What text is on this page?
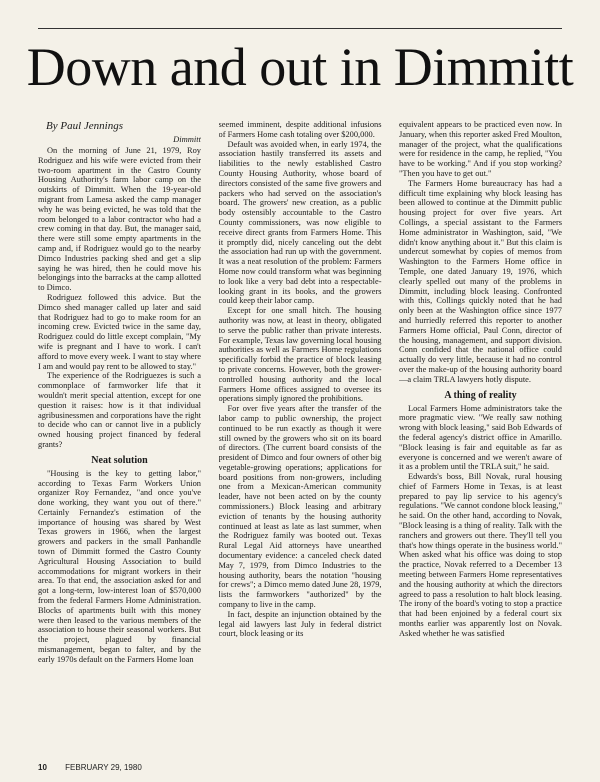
Down and out in Dimmitt
By Paul Jennings
Dimmitt

On the morning of June 21, 1979, Roy Rodriguez and his wife were evicted from their two-room apartment in the Castro County Housing Authority's farm labor camp on the outskirts of Dimmitt. When the 19-year-old migrant from Lamesa asked the camp manager why he was being evicted, he was told that the room belonged to a labor contractor who had a crew coming in that day. But, the manager said, there were still some empty apartments in the camp and, if Rodriguez would go to the nearby Dimco Industries packing shed and get a slip saying he was hired, then he could move his belongings into the barracks at the camp allotted to Dimco.

Rodriguez followed this advice. But the Dimco shed manager called up later and said that Rodriguez had to go to make room for an incoming crew. Evicted twice in the same day, Rodriguez could do little except complain, "My wife is pregnant and I have to work. I can't afford to move every week. I want to stay where I am and would pay rent to be allowed to stay."

The experience of the Rodriguezes is such a commonplace of farmworker life that it wouldn't merit special attention, except for one question it raises: how is it that individual agribusinessmen and corporations have the right to decide who can or cannot live in a publicly owned housing project financed by federal grants?

Neat solution

"Housing is the key to getting labor," according to Texas Farm Workers Union organizer Roy Fernandez, "and once you've done working, they want you out of there." Certainly Fernandez's estimation of the importance of housing was shared by West Texas growers in 1966, when the largest growers and packers in the small Panhandle town of Dimmitt formed the Castro County Agricultural Housing Association to build accommodations for migrant workers in their area. To that end, the association asked for and got a long-term, low-interest loan of $570,000 from the federal Farmers Home Administration. Blocks of apartments built with this money were then leased to the various members of the association to house their seasonal workers. But the project, plagued by financial mismanagement, began to falter, and by the early 1970s default on the Farmers Home loan

seemed imminent, despite additional infusions of Farmers Home cash totaling over $200,000.

Default was avoided when, in early 1974, the association hastily transferred its assets and liabilities to the newly established Castro County Housing Authority, whose board of directors consisted of the same five growers and packers who had served on the association's board. The growers' new creation, as a public body ostensibly accountable to the Castro County commissioners, was now eligible to receive direct grants from Farmers Home. This it promptly did, nicely canceling out the debt the association had run up with the government. It was a neat resolution of the problem: Farmers Home now could transform what was beginning to look like a very bad debt into a respectable-looking grant in its books, and the growers could keep their labor camp.

Except for one small hitch. The housing authority was now, at least in theory, obligated to serve the public rather than private interests. For example, Texas law governing local housing authorities as well as Farmers Home regulations specifically forbid the practice of block leasing to private concerns. However, both the grower-controlled housing authority and the local Farmers Home offices assigned to oversee its operations simply ignored the prohibitions.

For over five years after the transfer of the labor camp to public ownership, the project continued to be run exactly as though it were still owned by the growers who sit on its board of directors. (The current board consists of the president of Dimco and four owners of other big vegetable-growing operations; applications for board positions from non-growers, including one from a Mexican-American community leader, have not been acted on by the county commissioners.) Block leasing and arbitrary eviction of tenants by the housing authority continued at least as late as last summer, when the Rodriguez family was booted out. Texas Rural Legal Aid attorneys have unearthed documentary evidence: a canceled check dated May 7, 1979, from Dimco Industries to the housing authority, bears the notation "housing for crews"; a Dimco memo dated June 28, 1979, lists the farmworkers "authorized" by the company to live in the camp.

In fact, despite an injunction obtained by the legal aid lawyers last July in federal district court, block leasing or its

equivalent appears to be practiced even now. In January, when this reporter asked Fred Moulton, manager of the project, what the qualifications were for residence in the camp, he replied, "You have to be working." And if you stop working? "Then you have to get out."

The Farmers Home bureaucracy has had a difficult time explaining why block leasing has been allowed to continue at the Dimmitt public housing project for over five years. Art Collings, a special assistant to the Farmers Home administrator in Washington, said, "We didn't know anything about it." But this claim is undercut somewhat by copies of memos from Washington to the Farmers Home office in Temple, one dated January 19, 1976, which clearly spelled out many of the problems in Dimmitt, including block leasing. Confronted with this, Collings quickly noted that he had only been at the Washington office since 1977 and hurriedly referred this reporter to another Farmers Home official, Paul Conn, director of the housing, management, and support division. Conn confided that the national office could actually do very little, because it had no control over the make-up of the housing authority board—a claim TRLA lawyers hotly dispute.

A thing of reality

Local Farmers Home administrators take the more pragmatic view. "We really saw nothing wrong with block leasing," said Bob Edwards of the federal agency's district office in Amarillo. "Block leasing is fair and equitable as far as everyone is concerned and we weren't aware of it as a problem until the TRLA suit," he said.

Edwards's boss, Bill Novak, rural housing chief of Farmers Home in Texas, is at least prepared to pay lip service to his agency's regulations. "We cannot condone block leasing," he said. On the other hand, according to Novak, "Block leasing is a thing of reality. Talk with the ranchers and growers out there. They'll tell you that's how things operate in the business world." When asked what his office was doing to stop the practice, Novak referred to a December 13 meeting between Farmers Home representatives and the housing authority at which the directors agreed to pass a resolution to halt block leasing. The irony of the board's voting to stop a practice that had been enjoined by a federal court six months earlier was apparently lost on Novak. Asked whether he was satisfied

10 FEBRUARY 29, 1980
